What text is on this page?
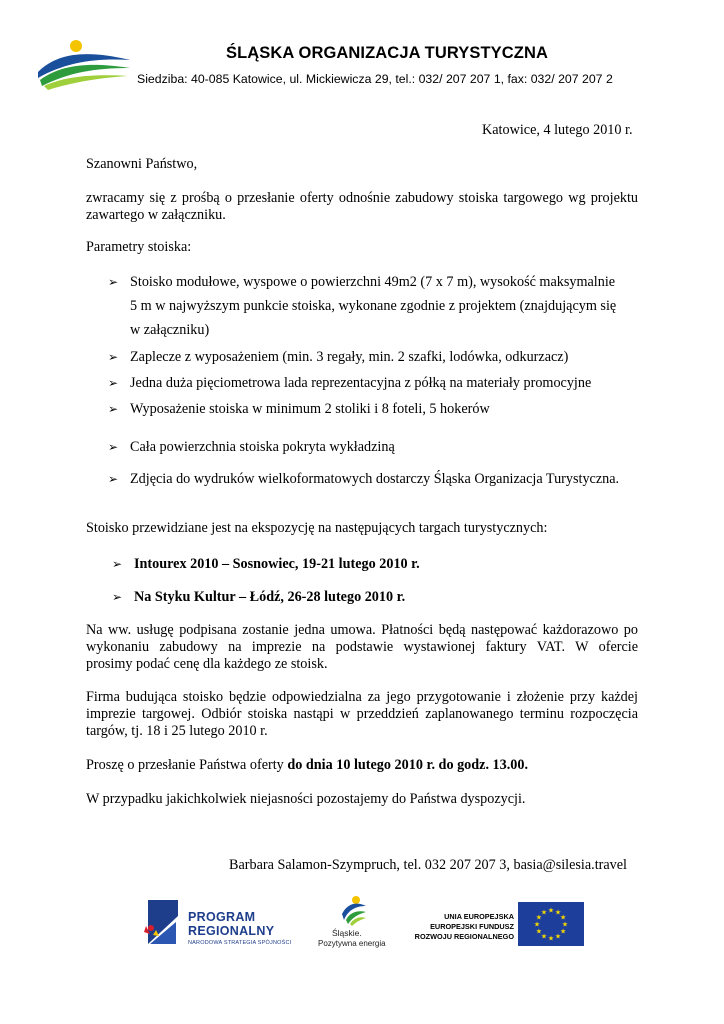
ŚLĄSKA ORGANIZACJA TURYSTYCZNA
Siedziba: 40-085 Katowice, ul. Mickiewicza 29, tel.: 032/ 207 207 1, fax: 032/ 207 207 2
Katowice, 4 lutego 2010 r.
Szanowni Państwo,
zwracamy się z prośbą o przesłanie oferty odnośnie zabudowy stoiska targowego wg projektu zawartego w załączniku.
Parametry stoiska:
➢ Stoisko modułowe, wyspowe o powierzchni 49m2 (7 x 7 m), wysokość maksymalnie
5 m w najwyższym punkcie stoiska, wykonane zgodnie z projektem (znajdującym się
w załączniku)
➢ Zaplecze z wyposażeniem (min. 3 regały, min. 2 szafki, lodówka, odkurzacz)
➢ Jedna duża pięciometrowa lada reprezentacyjna z półką na materiały promocyjne
➢ Wyposażenie stoiska w minimum 2 stoliki i 8 foteli, 5 hokerów
➢ Cała powierzchnia stoiska pokryta wykładziną
➢ Zdjęcia do wydruków wielkoformatowych dostarczy Śląska Organizacja Turystyczna.
Stoisko przewidziane jest na ekspozycję na następujących targach turystycznych:
➢ Intourex 2010 – Sosnowiec, 19-21 lutego 2010 r.
➢ Na Styku Kultur – Łódź, 26-28 lutego 2010 r.
Na ww. usługę podpisana zostanie jedna umowa. Płatności będą następować każdorazowo po
wykonaniu zabudowy na imprezie na podstawie wystawionej faktury VAT. W ofercie
prosimy podać cenę dla każdego ze stoisk.
Firma budująca stoisko będzie odpowiedzialna za jego przygotowanie i złożenie przy każdej
imprezie targowej. Odbiór stoiska nastąpi w przeddzień zaplanowanego terminu rozpoczęcia
targów, tj. 18 i 25 lutego 2010 r.
Proszę o przesłanie Państwa oferty do dnia 10 lutego 2010 r. do godz. 13.00.
W przypadku jakichkolwiek niejasności pozostajemy do Państwa dyspozycji.
Barbara Salamon-Szympruch, tel. 032 207 207 3, basia@silesia.travel
PROGRAM
REGIONALNY
NARODOWA STRATEGIA SPÓJNOŚCI
Śląskie.
Pozytywna energia
UNIA EUROPEJSKA
EUROPEJSKI FUNDUSZ
ROZWOJU REGIONALNEGO
★ ★
★
★
★
★
★
★
★
★
★
★
